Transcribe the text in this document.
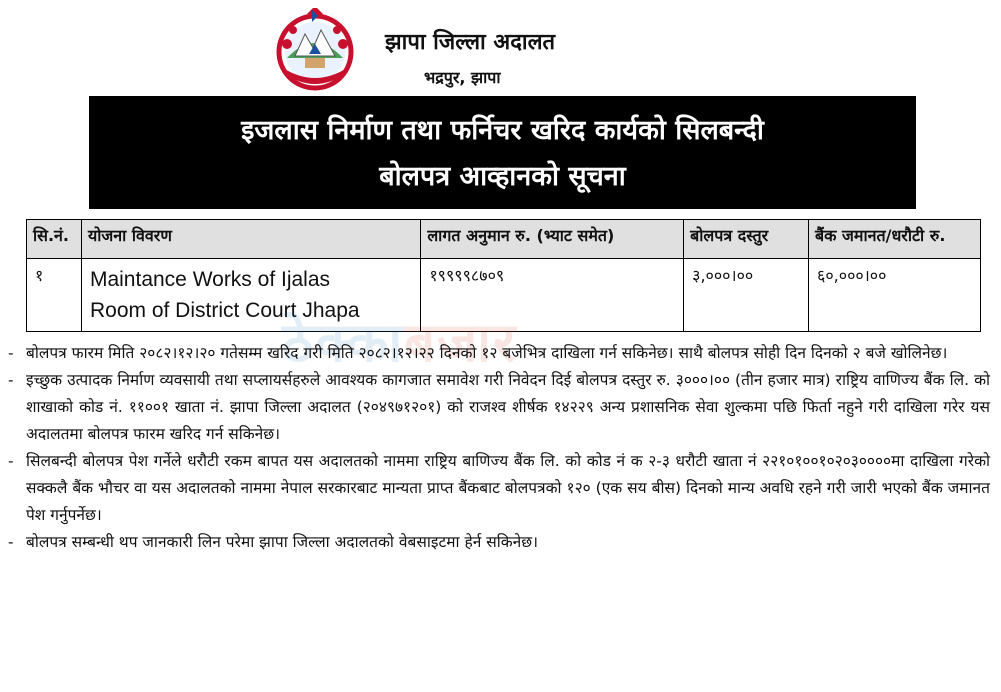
झापा जिल्ला अदालत
भद्रपुर, झापा
इजलास निर्माण तथा फर्निचर खरिद कार्यको सिलबन्दी
बोलपत्र आव्हानको सूचना
सि.नं.	योजना विवरण	लागत अनुमान रु. (भ्याट समेत)	बोलपत्र दस्तुर	बैंक जमानत/धरौटी रु.
१	Maintance Works of Ijalas
Room of District Court Jhapa	१९९९९८७०९	३,०००।००	६०,०००।००
ठेक्काबजार
- बोलपत्र फारम मिति २०८२।१२।२० गतेसम्म खरिद गरी मिति २०८२।१२।२२ दिनको १२ बजेभित्र दाखिला गर्न सकिनेछ। साथै बोलपत्र सोही दिन दिनको २ बजे खोलिनेछ।
- इच्छुक उत्पादक निर्माण व्यवसायी तथा सप्लायर्सहरुले आवश्यक कागजात समावेश गरी निवेदन दिई बोलपत्र दस्तुर रु. ३०००।०० (तीन हजार मात्र) राष्ट्रिय वाणिज्य बैंक लि. को शाखाको कोड नं. ११००१ खाता नं. झापा जिल्ला अदालत (२०४९७१२०१) को राजश्व शीर्षक १४२२९ अन्य प्रशासनिक सेवा शुल्कमा पछि फिर्ता नहुने गरी दाखिला गरेर यस अदालतमा बोलपत्र फारम खरिद गर्न सकिनेछ।
- सिलबन्दी बोलपत्र पेश गर्नेले धरौटी रकम बापत यस अदालतको नाममा राष्ट्रिय बाणिज्य बैंक लि. को कोड नं क २-३ धरौटी खाता नं २२१०१००१०२०३००००मा दाखिला गरेको सक्कलै बैंक भौचर वा यस अदालतको नाममा नेपाल सरकारबाट मान्यता प्राप्त बैंकबाट बोलपत्रको १२० (एक सय बीस) दिनको मान्य अवधि रहने गरी जारी भएको बैंक जमानत पेश गर्नुपर्नेछ।
- बोलपत्र सम्बन्धी थप जानकारी लिन परेमा झापा जिल्ला अदालतको वेबसाइटमा हेर्न सकिनेछ।
